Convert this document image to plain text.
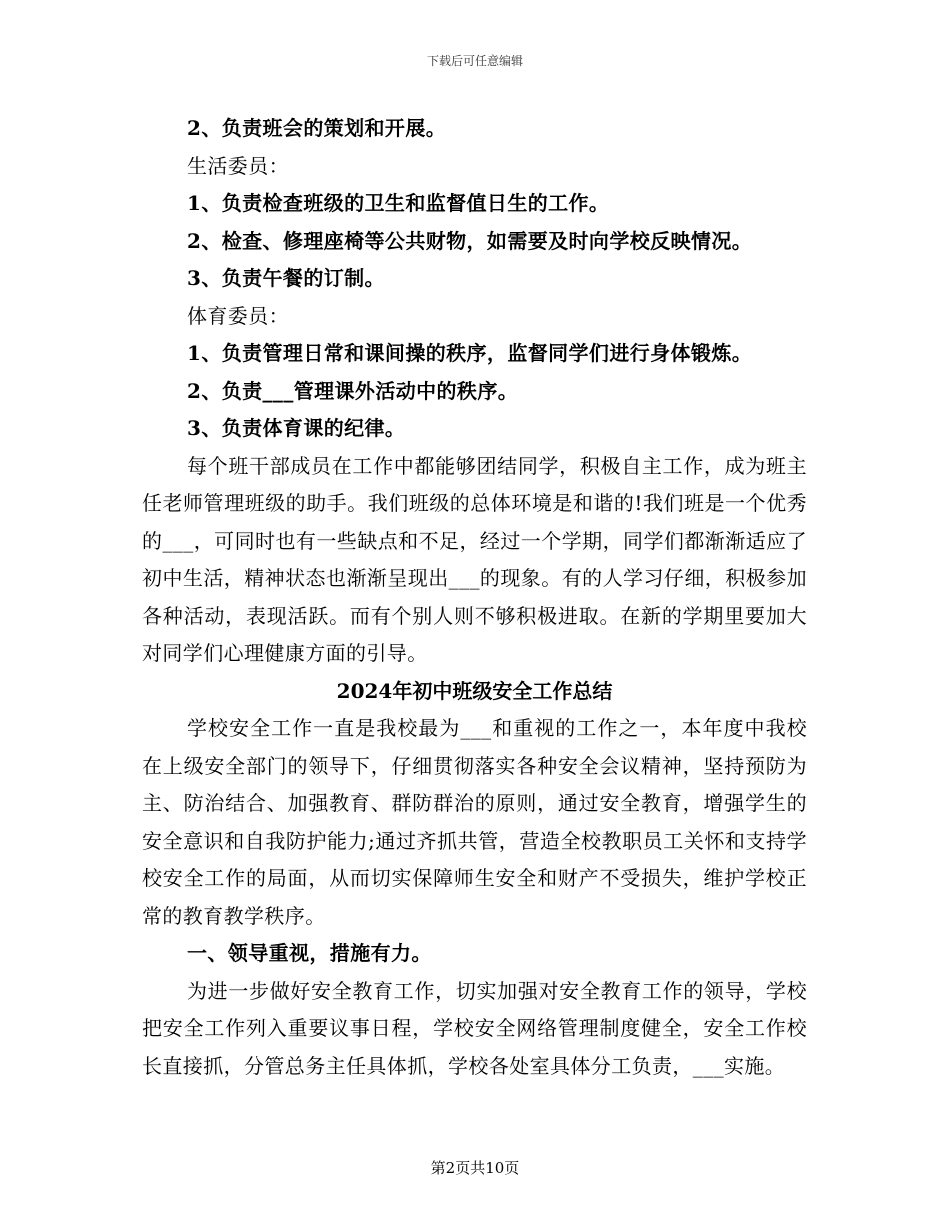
下载后可任意编辑
2、负责班会的策划和开展。
生活委员：
1、负责检查班级的卫生和监督值日生的工作。
2、检查、修理座椅等公共财物，如需要及时向学校反映情况。
3、负责午餐的订制。
体育委员：
1、负责管理日常和课间操的秩序，监督同学们进行身体锻炼。
2、负责___管理课外活动中的秩序。
3、负责体育课的纪律。
每个班干部成员在工作中都能够团结同学，积极自主工作，成为班主任老师管理班级的助手。我们班级的总体环境是和谐的!我们班是一个优秀的___，可同时也有一些缺点和不足，经过一个学期，同学们都渐渐适应了初中生活，精神状态也渐渐呈现出___的现象。有的人学习仔细，积极参加各种活动，表现活跃。而有个别人则不够积极进取。在新的学期里要加大对同学们心理健康方面的引导。
2024年初中班级安全工作总结
学校安全工作一直是我校最为___和重视的工作之一，本年度中我校在上级安全部门的领导下，仔细贯彻落实各种安全会议精神，坚持预防为主、防治结合、加强教育、群防群治的原则，通过安全教育，增强学生的安全意识和自我防护能力;通过齐抓共管，营造全校教职员工关怀和支持学校安全工作的局面，从而切实保障师生安全和财产不受损失，维护学校正常的教育教学秩序。
一、领导重视，措施有力。
为进一步做好安全教育工作，切实加强对安全教育工作的领导，学校把安全工作列入重要议事日程，学校安全网络管理制度健全，安全工作校长直接抓，分管总务主任具体抓，学校各处室具体分工负责，___实施。
第2页共10页
